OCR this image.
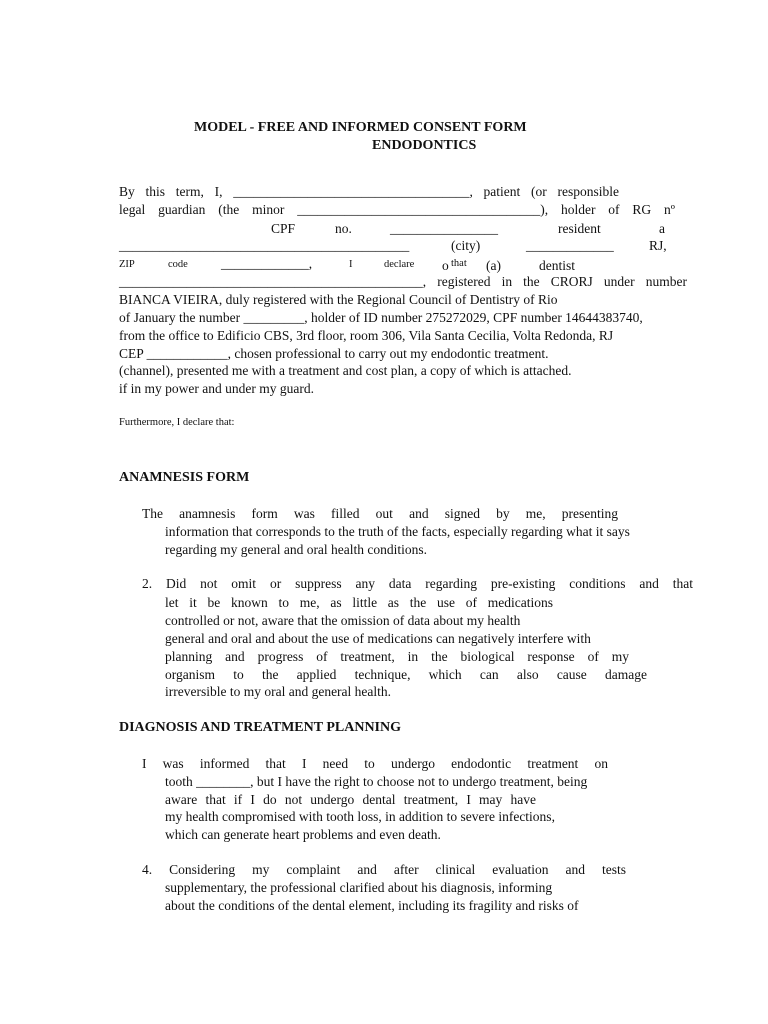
MODEL - FREE AND INFORMED CONSENT FORM
ENDODONTICS
By this term, I, ___________________________________, patient (or responsible
legal guardian (the minor ____________________________________), holder of RG nº
CPF	no.	________________	resident	a
___________________________________________	(city)	_____________	RJ,
ZIP	code _____________,	I	declare o that (a)	dentist
_____________________________________________, registered in the CRORJ under number
BIANCA VIEIRA, duly registered with the Regional Council of Dentistry of Rio
of January the number _________, holder of ID number 275272029, CPF number 14644383740,
from the office to Edificio CBS, 3rd floor, room 306, Vila Santa Cecilia, Volta Redonda, RJ
CEP ____________, chosen professional to carry out my endodontic treatment.
(channel), presented me with a treatment and cost plan, a copy of which is attached.
if in my power and under my guard.
Furthermore, I declare that:
ANAMNESIS FORM
The anamnesis form was filled out and signed by me, presenting
information that corresponds to the truth of the facts, especially regarding what it says
regarding my general and oral health conditions.
2. Did not omit or suppress any data regarding pre-existing conditions and that
let it be known to me, as little as the use of medications
controlled or not, aware that the omission of data about my health
general and oral and about the use of medications can negatively interfere with
planning and progress of treatment, in the biological response of my
organism to the applied technique, which can also cause damage
irreversible to my oral and general health.
DIAGNOSIS AND TREATMENT PLANNING
I was informed that I need to undergo endodontic treatment on
tooth ________, but I have the right to choose not to undergo treatment, being
aware that if I do not undergo dental treatment, I may have
my health compromised with tooth loss, in addition to severe infections,
which can generate heart problems and even death.
4. Considering my complaint and after clinical evaluation and tests
supplementary, the professional clarified about his diagnosis, informing
about the conditions of the dental element, including its fragility and risks of
